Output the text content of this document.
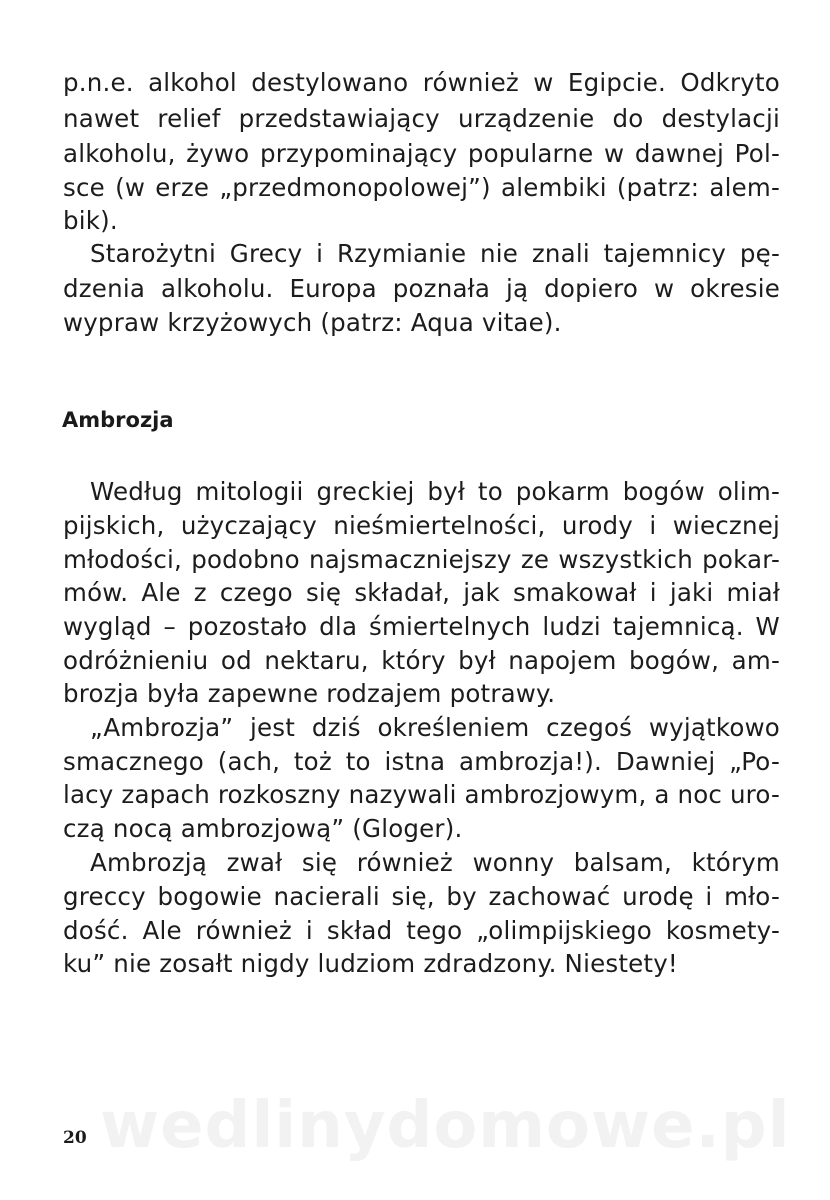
wedlinydomowe.pl
p.n.e. alkohol destylowano również w Egipcie. Odkryto
nawet relief przedstawiający urządzenie do destylacji
alkoholu, żywo przypominający popularne w dawnej Pol-
sce (w erze „przedmonopolowej”) alembiki (patrz: alem-
bik).
Starożytni Grecy i Rzymianie nie znali tajemnicy pę-
dzenia alkoholu. Europa poznała ją dopiero w okresie
wypraw krzyżowych (patrz: Aqua vitae).
Ambrozja
Według mitologii greckiej był to pokarm bogów olim-
pijskich, użyczający nieśmiertelności, urody i wiecznej
młodości, podobno najsmaczniejszy ze wszystkich pokar-
mów. Ale z czego się składał, jak smakował i jaki miał
wygląd – pozostało dla śmiertelnych ludzi tajemnicą. W
odróżnieniu od nektaru, który był napojem bogów, am-
brozja była zapewne rodzajem potrawy.
„Ambrozja” jest dziś określeniem czegoś wyjątkowo
smacznego (ach, toż to istna ambrozja!). Dawniej „Po-
lacy zapach rozkoszny nazywali ambrozjowym, a noc uro-
czą nocą ambrozjową” (Gloger).
Ambrozją zwał się również wonny balsam, którym
greccy bogowie nacierali się, by zachować urodę i mło-
dość. Ale również i skład tego „olimpijskiego kosmety-
ku” nie zosałt nigdy ludziom zdradzony. Niestety!
20
